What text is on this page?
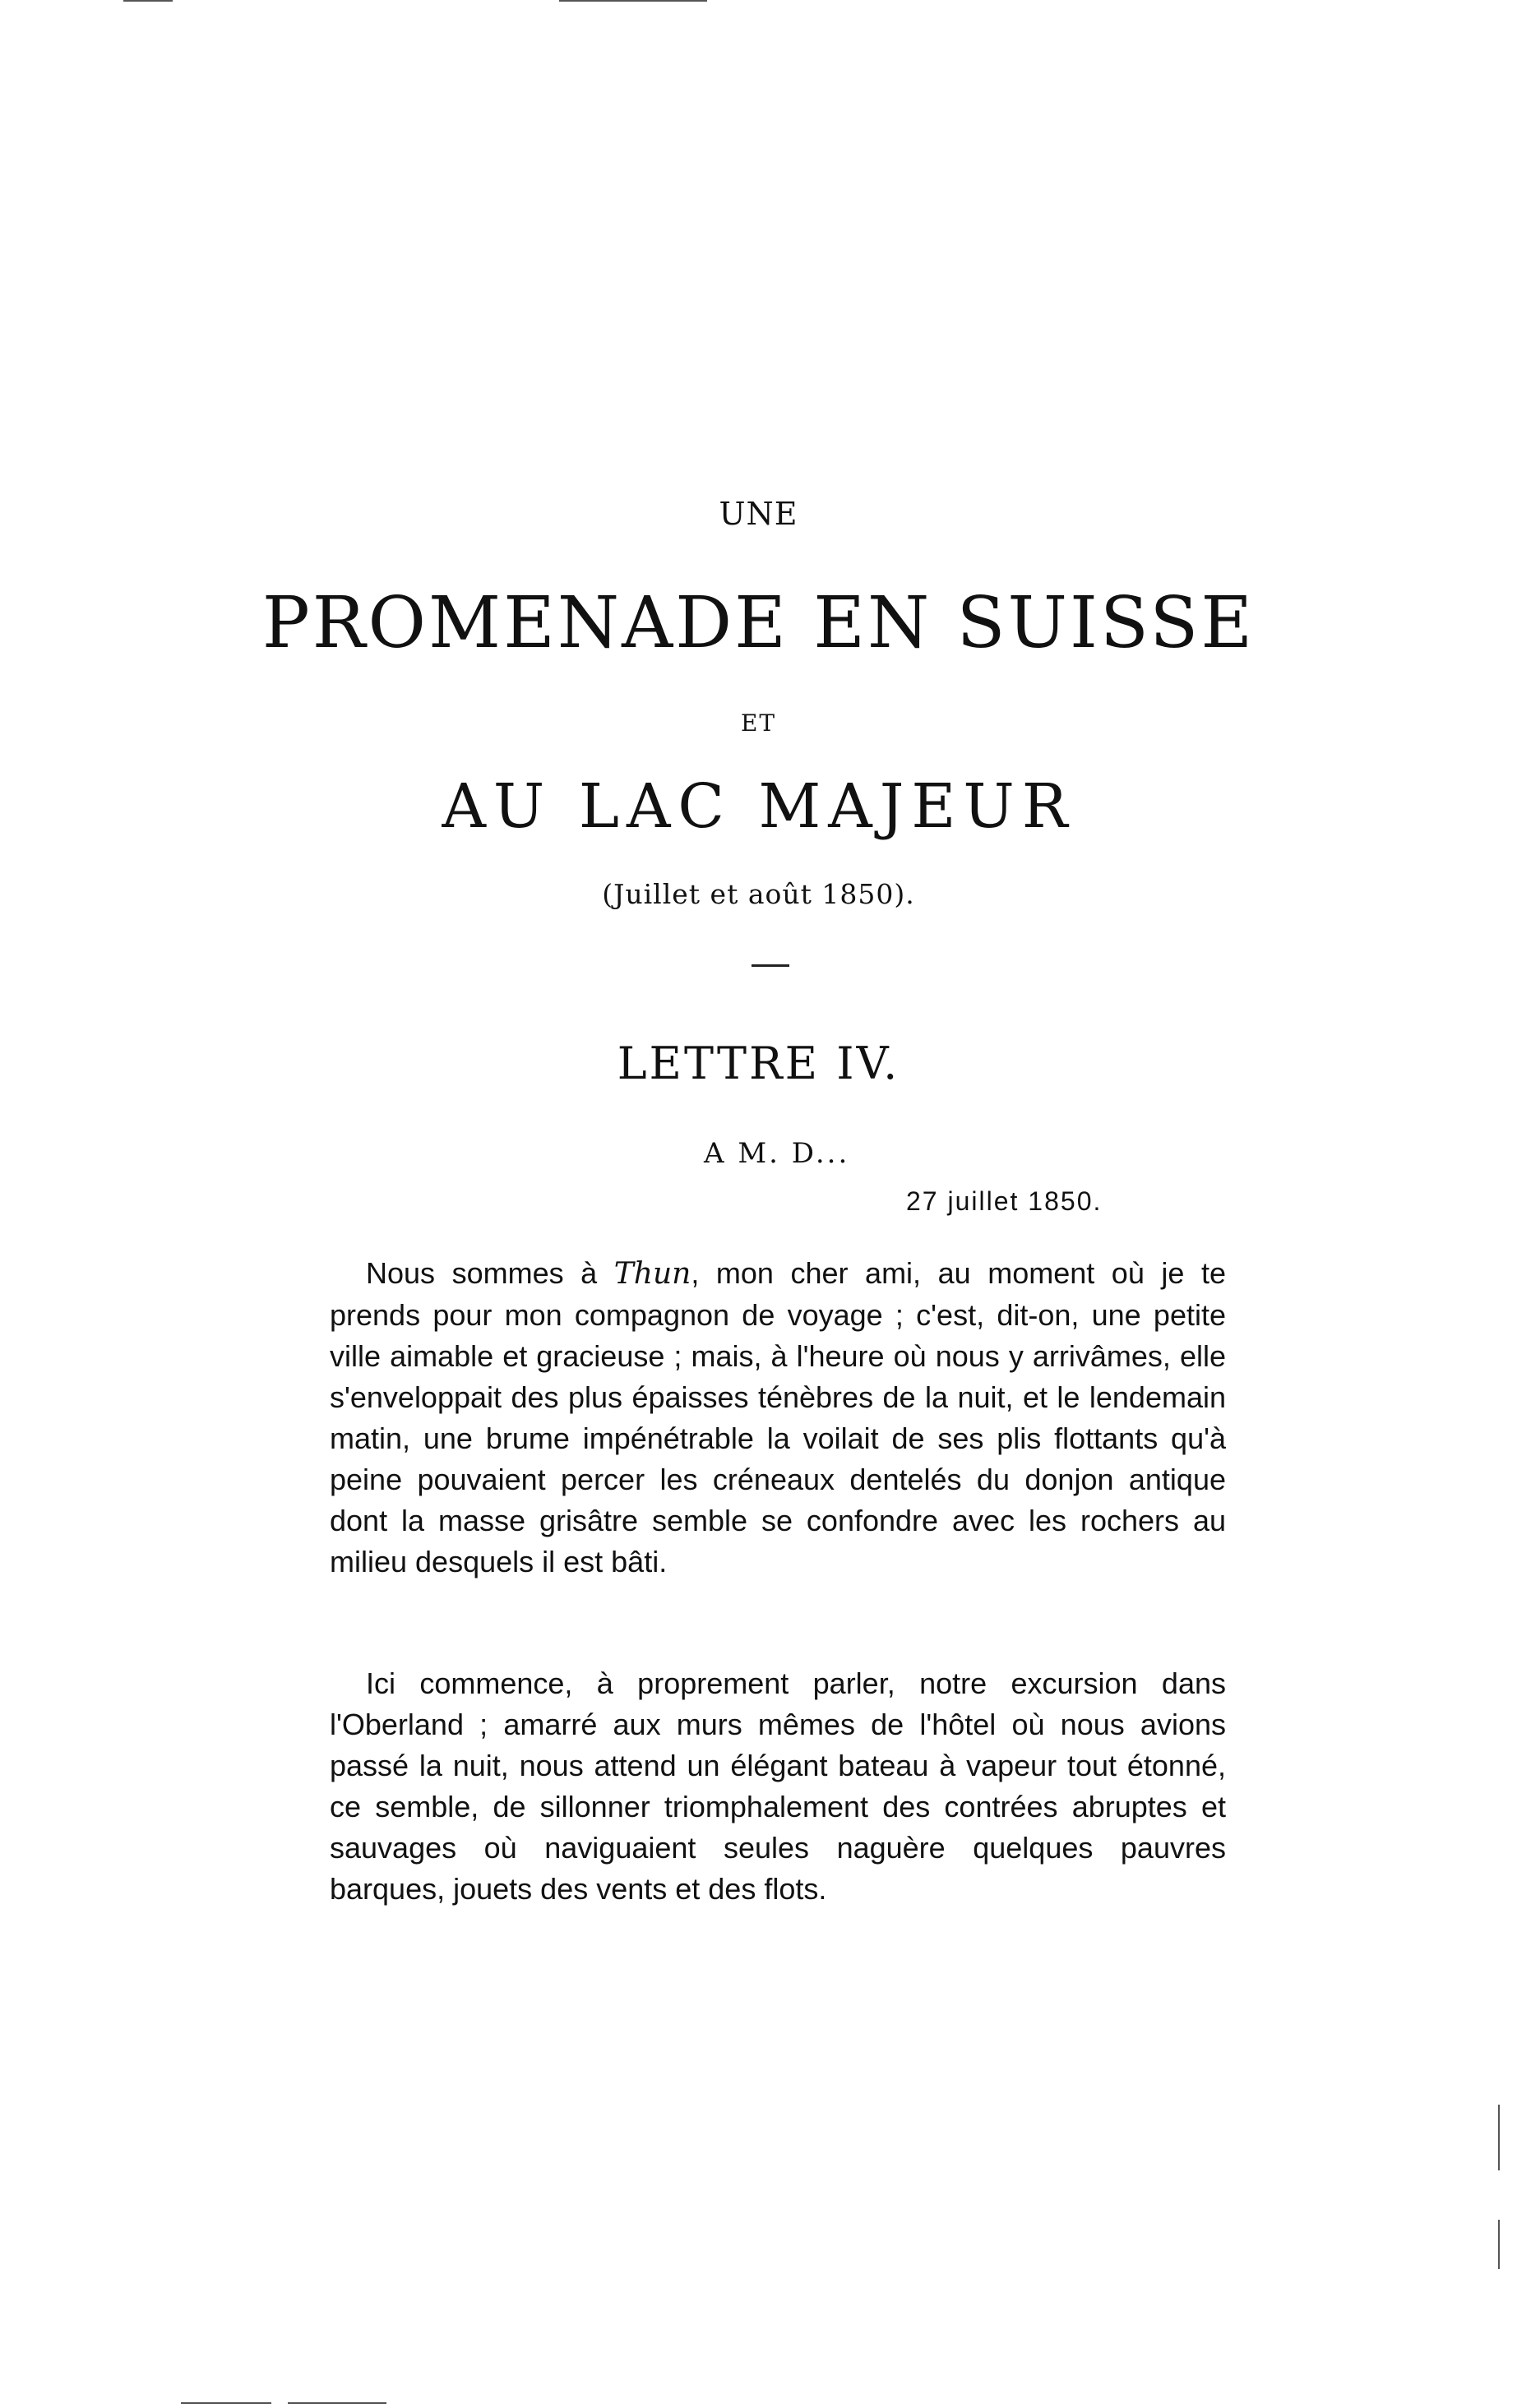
UNE
PROMENADE EN SUISSE
ET
AU LAC MAJEUR
(Juillet et août 1850).
LETTRE IV.
A M. D...
27 juillet 1850.

Nous sommes à Thun, mon cher ami, au moment où je te prends pour mon compagnon de voyage ; c'est, dit-on, une petite ville aimable et gracieuse ; mais, à l'heure où nous y arrivâmes, elle s'enveloppait des plus épaisses ténèbres de la nuit, et le lendemain matin, une brume impénétrable la voilait de ses plis flottants qu'à peine pouvaient percer les créneaux dentelés du donjon antique dont la masse grisâtre semble se confondre avec les rochers au milieu desquels il est bâti.

Ici commence, à proprement parler, notre excursion dans l'Oberland ; amarré aux murs mêmes de l'hôtel où nous avions passé la nuit, nous attend un élégant bateau à vapeur tout étonné, ce semble, de sillonner triomphalement des contrées abruptes et sauvages où naviguaient seules naguère quelques pauvres barques, jouets des vents et des flots.
